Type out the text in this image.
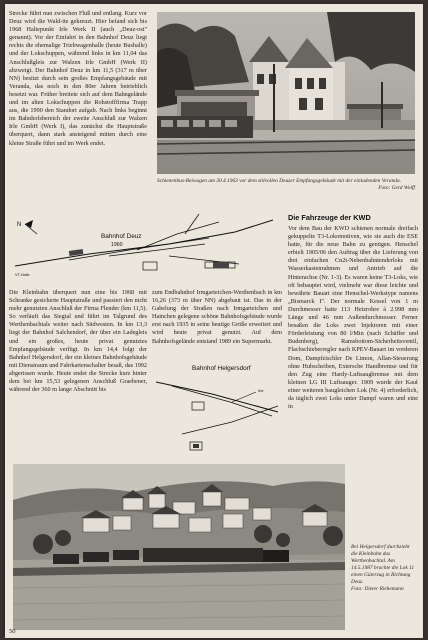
Strecke führt nun zwischen Fluß und entlang. Kurz vor Deuz wird die Wald-ite gekreuzt. Hier befand sich bis 1968 Haltepunkt Irle Werk II (auch „Deuz-ost" genannt). Vor der Einfahrt in den Bahnhof Deuz liegt rechts die ehemalige Triebwagenhalle (heute Bushalle) und der Lokschuppen, während links in km 11,04 das Anschlußgleis zur Walzen Irle GmbH (Werk II) abzweigt. Der Bahnhof Deuz in km 11,5 (317 m über NN) besitzt durch sein großes Empfangsgebäude mit Veranda, das noch in den 80er Jahren betrieblich besetzt war. Früher breitete sich auf dem Bahngelände und im alten Lokschuppen die Rohstofffirma Trapp aus, die 1990 den Standort aufgab. Nach links beginnt im Bahnhofsbereich der zweite Anschluß zur Walzen Irle GmbH (Werk I), das zunächst die Hauptstraße überquert, dann stark ansteigend mitten durch eine kleine Straße führt und im Werk endet.

Schienenbus-Beiwagen am 30.4.1963 vor dem stilvollen Deuzer Empfangsgebäude mit der einladenden Veranda.
Foto: Gerd Wolff
N
Bahnhof Deuz
1960
VT-Halle
Die Fahrzeuge der KWD

Vor dem Bau der KWD schienen normale dreifach gekuppelte T3-Lokomotiven, wie sie auch die ESE hatte, für die neue Bahn zu genügen. Henschel erbielt 1905/06 den Auftrag über die Lieferung von drei einfachen Cn2t-Nebenbahntenderloks mit Wasserkastenrahmen und Antrieb auf die Hinterachse (Nr. 1-3). Es waren keine T3-Loks, wie oft behauptet wird, vielmehr war diese leichte und bewährte Bauart eine Henschel-Werkstype namens „Bismarck I". Der normale Kessel von 1 m Durchmesser hatte 113 Heizrohre à 2.998 mm Länge und 46 mm Außendurchmesser. Ferner besaßen die Loks zwei Injektoren mit einer Förderleistung von 80 l/Min (nach Schäffer und Budenberg), Ramsbottom-Sicherheitsventil, Flachschieberregler nach KPEV-Bauart im vorderen Dom, Dampfzischler De Limon, Allan-Steuerung ohne Hubscheiben, Exterscbe Handbremse und für den Zug eine Hardy-Luftsaugbremse mit dem kleinen LG III Luftsauger. 1909 wurde der Kauf einer weiteren baugleichen Lok (Nr. 4) erforderlich, da täglich zwei Loks unter Dampf waren und eine in

Die Kleinbahn überquert nun eine bis 1968 mit Schranke gesicherte Hauptstraße und passiert den nicht mehr genutzten Anschluß der Firma Flender (km 11,5). So verläuft das Siegtal und führt im Talgrund des Werthenbachtals weiter nach Südwesten. In km 13,3 liegt der Bahnhof Salchendorf, der über ein Ladegleis und ein großes, heute privat genutztes Empfangsgebäude verfügt. In km 14,4 folgt der Bahnhof Helgersdorf, der ein kleines Bahnhofsgebäude mit Dienstraum und Fahrkartenschalter besaß, das 1992 abgerissen wurde. Heute endet die Strecke kurz hinter dem bei km 15,53 gelegenen Anschluß Graebener, während der 360 m lange Abschnitt bis

zum Endbahnhof Irmgarteichen-Werthenbach in km 16,26 (373 m über NN) abgebaut ist. Das in der Gabelung der Straßen nach Irmgarteichen und Hainchen gelegene schöne Bahnhofsgebäude wurde erst nach 1935 in seine heutige Größe erweitert und wird heute privat genutzt. Auf dem Bahnhofsgelände entstand 1989 ein Supermarkt.

Bahnhof Helgersdorf
Irle
Bei Helgersdorf durchzieht die Kleinbahn das Werthenbachtal. Am 14.5.1987 brachte die Lok 11 einen Güterzug in Richtung Deuz.
Foto: Dieter Riehemann
50
